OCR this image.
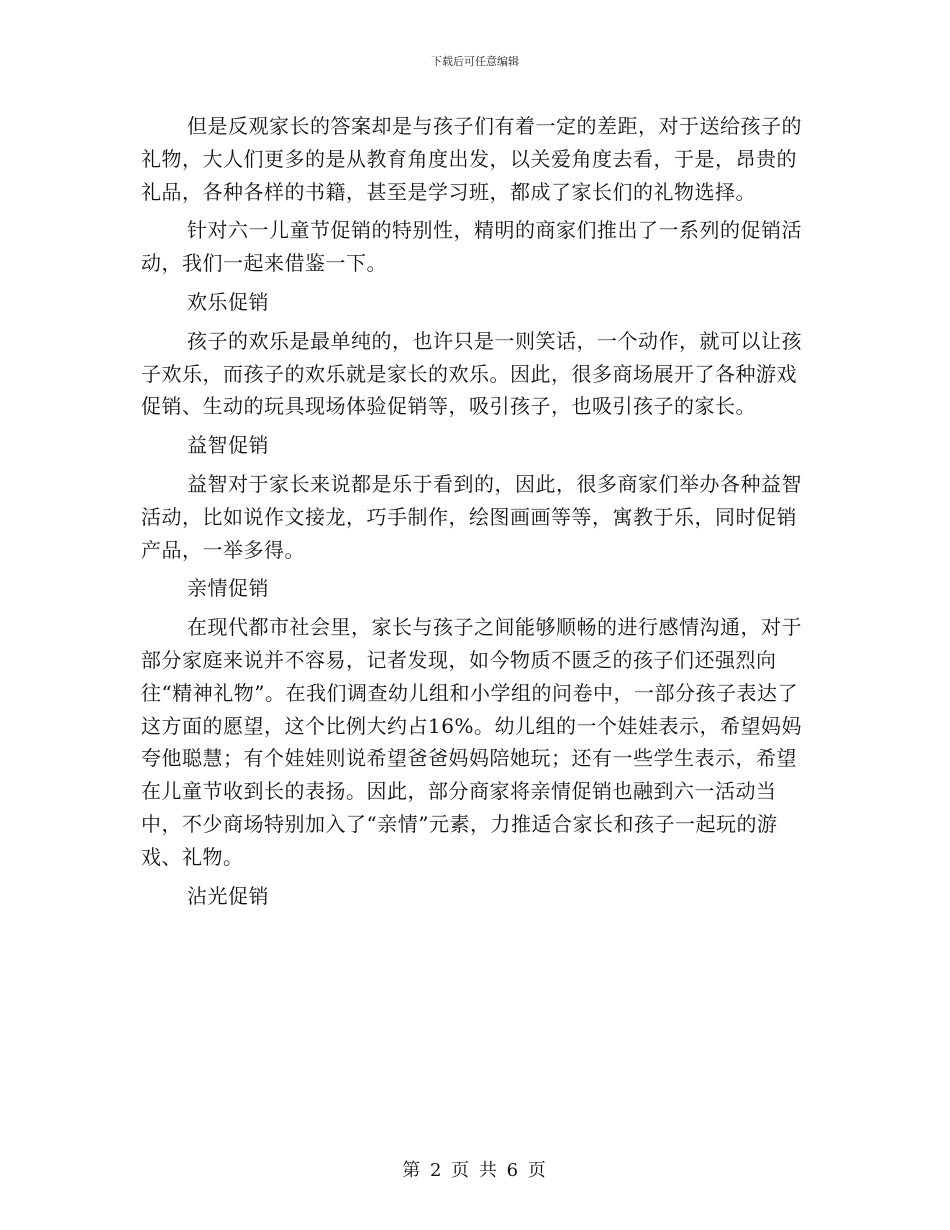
下载后可任意编辑

但是反观家长的答案却是与孩子们有着一定的差距，对于送给孩子的礼物，大人们更多的是从教育角度出发，以关爱角度去看，于是，昂贵的礼品，各种各样的书籍，甚至是学习班，都成了家长们的礼物选择。

针对六一儿童节促销的特别性，精明的商家们推出了一系列的促销活动，我们一起来借鉴一下。

欢乐促销

孩子的欢乐是最单纯的，也许只是一则笑话，一个动作，就可以让孩子欢乐，而孩子的欢乐就是家长的欢乐。因此，很多商场展开了各种游戏促销、生动的玩具现场体验促销等，吸引孩子，也吸引孩子的家长。

益智促销

益智对于家长来说都是乐于看到的，因此，很多商家们举办各种益智活动，比如说作文接龙，巧手制作，绘图画画等等，寓教于乐，同时促销产品，一举多得。

亲情促销

在现代都市社会里，家长与孩子之间能够顺畅的进行感情沟通，对于部分家庭来说并不容易，记者发现，如今物质不匮乏的孩子们还强烈向往“精神礼物”。在我们调查幼儿组和小学组的问卷中，一部分孩子表达了这方面的愿望，这个比例大约占16%。幼儿组的一个娃娃表示，希望妈妈夸他聪慧；有个娃娃则说希望爸爸妈妈陪她玩；还有一些学生表示，希望在儿童节收到长的表扬。因此，部分商家将亲情促销也融到六一活动当中，不少商场特别加入了“亲情”元素，力推适合家长和孩子一起玩的游戏、礼物。

沾光促销

第 2 页 共 6 页
